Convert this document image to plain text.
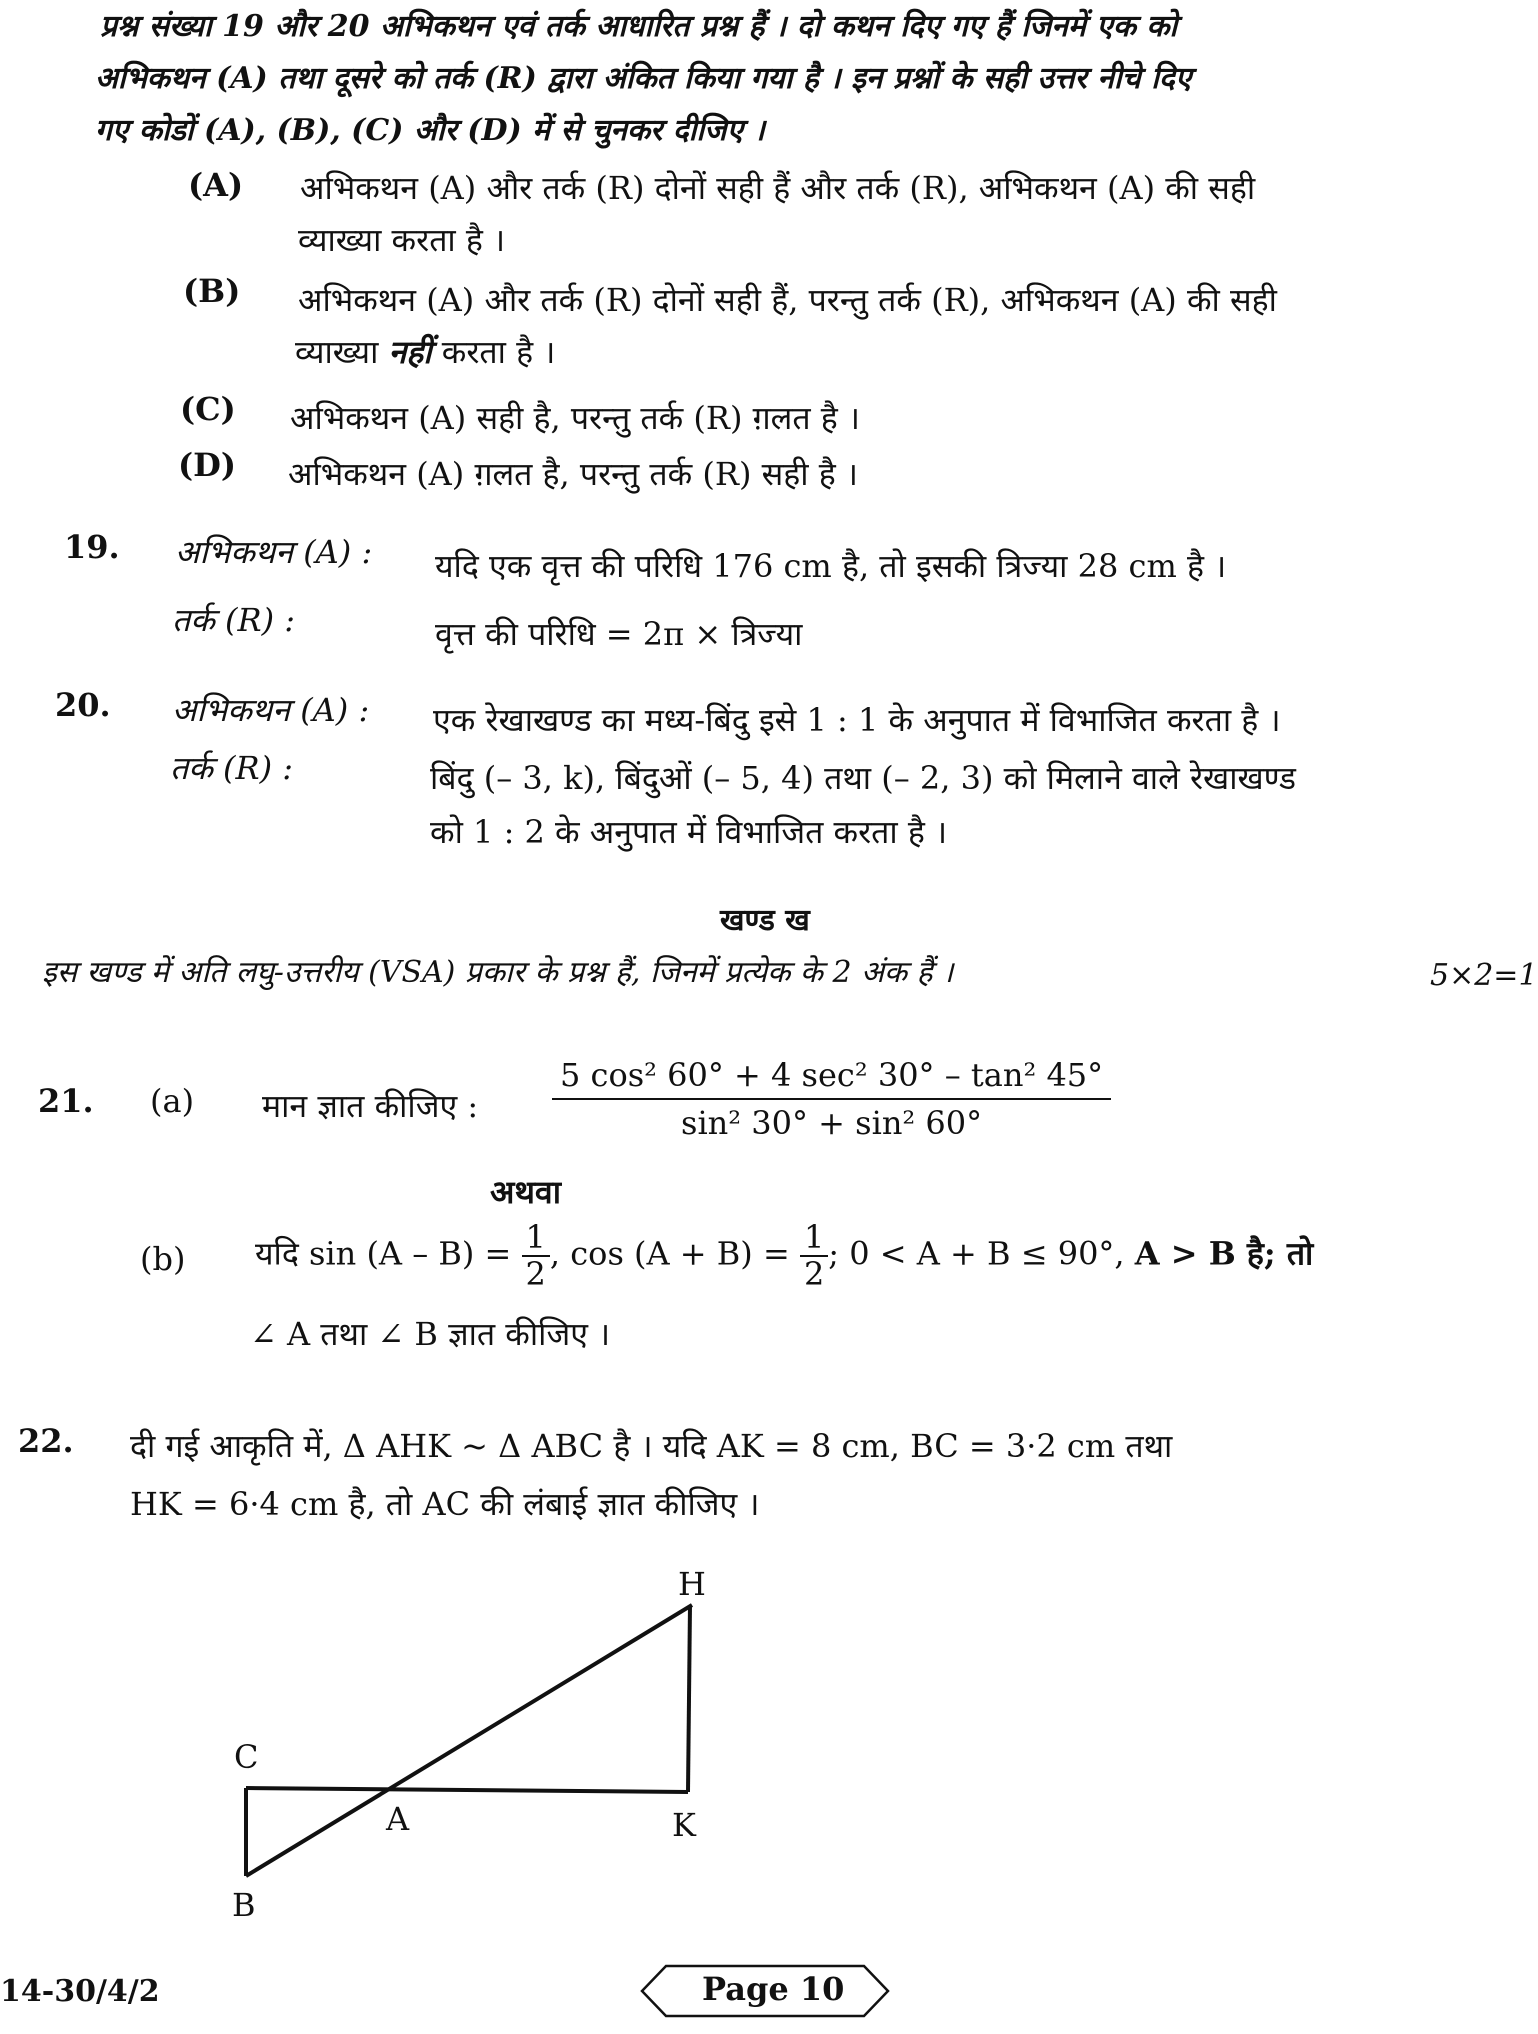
प्रश्न संख्या 19 और 20 अभिकथन एवं तर्क आधारित प्रश्न हैं । दो कथन दिए गए हैं जिनमें एक को
अभिकथन (A) तथा दूसरे को तर्क (R) द्वारा अंकित किया गया है । इन प्रश्नों के सही उत्तर नीचे दिए
गए कोडों (A), (B), (C) और (D) में से चुनकर दीजिए ।
(A) अभिकथन (A) और तर्क (R) दोनों सही हैं और तर्क (R), अभिकथन (A) की सही
व्याख्या करता है ।
(B) अभिकथन (A) और तर्क (R) दोनों सही हैं, परन्तु तर्क (R), अभिकथन (A) की सही
व्याख्या नहीं करता है ।
(C) अभिकथन (A) सही है, परन्तु तर्क (R) ग़लत है ।
(D) अभिकथन (A) ग़लत है, परन्तु तर्क (R) सही है ।
19. अभिकथन (A) : यदि एक वृत्त की परिधि 176 cm है, तो इसकी त्रिज्या 28 cm है ।
तर्क (R) :	वृत्त की परिधि = 2π × त्रिज्या
20. अभिकथन (A) : एक रेखाखण्ड का मध्य-बिंदु इसे 1 : 1 के अनुपात में विभाजित करता है ।
तर्क (R) :	बिंदु (– 3, k), बिंदुओं (– 5, 4) तथा (– 2, 3) को मिलाने वाले रेखाखण्ड
को 1 : 2 के अनुपात में विभाजित करता है ।
खण्ड ख
इस खण्ड में अति लघु-उत्तरीय (VSA) प्रकार के प्रश्न हैं, जिनमें प्रत्येक के 2 अंक हैं ।	5×2=1
21. (a) मान ज्ञात कीजिए : $\frac{\text{5 cos² 60° + 4 sec² 30° – tan² 45°}}{\text{sin² 30° + sin² 60°}}$
अथवा
(b) यदि $\sin (A - B) = \frac{1}{2}$ , $\cos (A + B) = \frac{1}{2}$ ; 0 < A + B ≤ 90°, A > B है; तो
∠ A तथा ∠ B ज्ञात कीजिए ।
22. दी गई आकृति में, Δ AHK ~ Δ ABC है । यदि AK = 8 cm, BC = 3·2 cm तथा
HK = 6·4 cm है, तो AC की लंबाई ज्ञात कीजिए ।
H
C
A	K
B
14-30/4/2	Page 10
